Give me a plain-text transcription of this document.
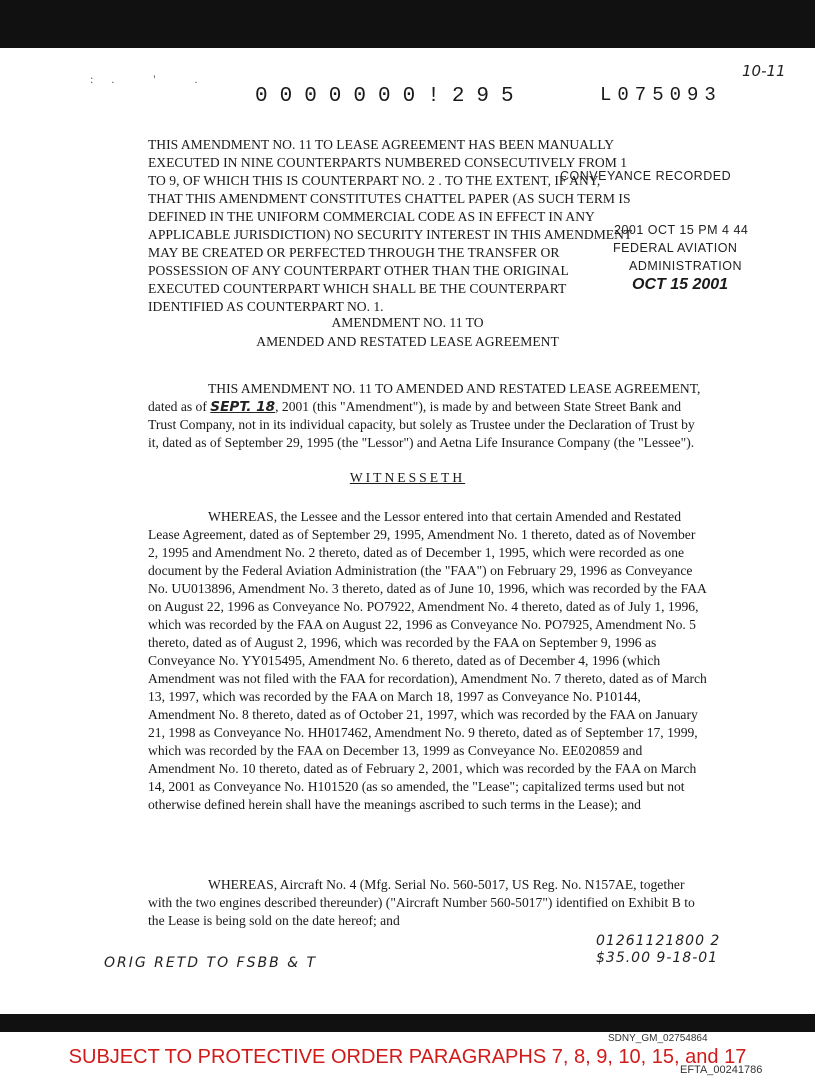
:. ' .
0000000!295	L075093
10-11

THIS AMENDMENT NO. 11 TO LEASE AGREEMENT HAS BEEN MANUALLY

EXECUTED IN NINE COUNTERPARTS NUMBERED CONSECUTIVELY FROM 1

TO 9, OF WHICH THIS IS COUNTERPART NO. 2 . TO THE EXTENT, IF ANY,

THAT THIS AMENDMENT CONSTITUTES CHATTEL PAPER (AS SUCH TERM IS

DEFINED IN THE UNIFORM COMMERCIAL CODE AS IN EFFECT IN ANY

APPLICABLE JURISDICTION) NO SECURITY INTEREST IN THIS AMENDMENT

MAY BE CREATED OR PERFECTED THROUGH THE TRANSFER OR

POSSESSION OF ANY COUNTERPART OTHER THAN THE ORIGINAL

EXECUTED COUNTERPART WHICH SHALL BE THE COUNTERPART

IDENTIFIED AS COUNTERPART NO. 1.

CONVEYANCE RECORDED
2001 OCT 15 PM 4 44
FEDERAL AVIATION
ADMINISTRATION
OCT 15 2001
AMENDMENT NO. 11 TO
AMENDED AND RESTATED LEASE AGREEMENT
THIS AMENDMENT NO. 11 TO AMENDED AND RESTATED LEASE AGREEMENT, dated as of SEPT. 18, 2001 (this "Amendment"), is made by and between State Street Bank and Trust Company, not in its individual capacity, but solely as Trustee under the Declaration of Trust by it, dated as of September 29, 1995 (the "Lessor") and Aetna Life Insurance Company (the "Lessee").
WITNESSETH
WHEREAS, the Lessee and the Lessor entered into that certain Amended and Restated Lease Agreement, dated as of September 29, 1995, Amendment No. 1 thereto, dated as of November 2, 1995 and Amendment No. 2 thereto, dated as of December 1, 1995, which were recorded as one document by the Federal Aviation Administration (the "FAA") on February 29, 1996 as Conveyance No. UU013896, Amendment No. 3 thereto, dated as of June 10, 1996, which was recorded by the FAA on August 22, 1996 as Conveyance No. PO7922, Amendment No. 4 thereto, dated as of July 1, 1996, which was recorded by the FAA on August 22, 1996 as Conveyance No. PO7925, Amendment No. 5 thereto, dated as of August 2, 1996, which was recorded by the FAA on September 9, 1996 as Conveyance No. YY015495, Amendment No. 6 thereto, dated as of December 4, 1996 (which Amendment was not filed with the FAA for recordation), Amendment No. 7 thereto, dated as of March 13, 1997, which was recorded by the FAA on March 18, 1997 as Conveyance No. P10144, Amendment No. 8 thereto, dated as of October 21, 1997, which was recorded by the FAA on January 21, 1998 as Conveyance No. HH017462, Amendment No. 9 thereto, dated as of September 17, 1999, which was recorded by the FAA on December 13, 1999 as Conveyance No. EE020859 and Amendment No. 10 thereto, dated as of February 2, 2001, which was recorded by the FAA on March 14, 2001 as Conveyance No. H101520 (as so amended, the "Lease"; capitalized terms used but not otherwise defined herein shall have the meanings ascribed to such terms in the Lease); and
WHEREAS, Aircraft No. 4 (Mfg. Serial No. 560-5017, US Reg. No. N157AE, together with the two engines described thereunder) ("Aircraft Number 560-5017") identified on Exhibit B to the Lease is being sold on the date hereof; and
ORIG RETD TO FSBB & T
01261121800 2
$35.00 9-18-01
SDNY_GM_02754864
SUBJECT TO PROTECTIVE ORDER PARAGRAPHS 7, 8, 9, 10, 15, and 17
EFTA_00241786
